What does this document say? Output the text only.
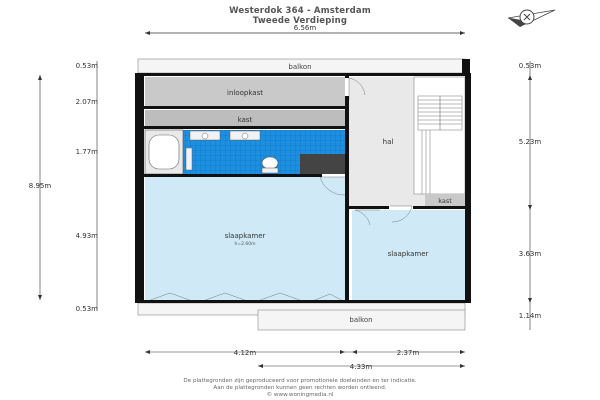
Westerdok 364 - Amsterdam
Tweede Verdieping
6.56m
balkon
balkon
inloopkast
kast
slaapkamer
h=2.60m
hal
kast
slaapkamer
0.53m
2.07m
1.77m
4.93m
0.53m
8.95m
0.53m
5.23m
3.63m
1.14m
4.12m	2.37m
4.33m
De plattegronden zijn geproduceerd voor promotionele doeleinden en ter indicatie.
Aan de plattegronden kunnen geen rechten worden ontleend.
© www.woningmedia.nl
